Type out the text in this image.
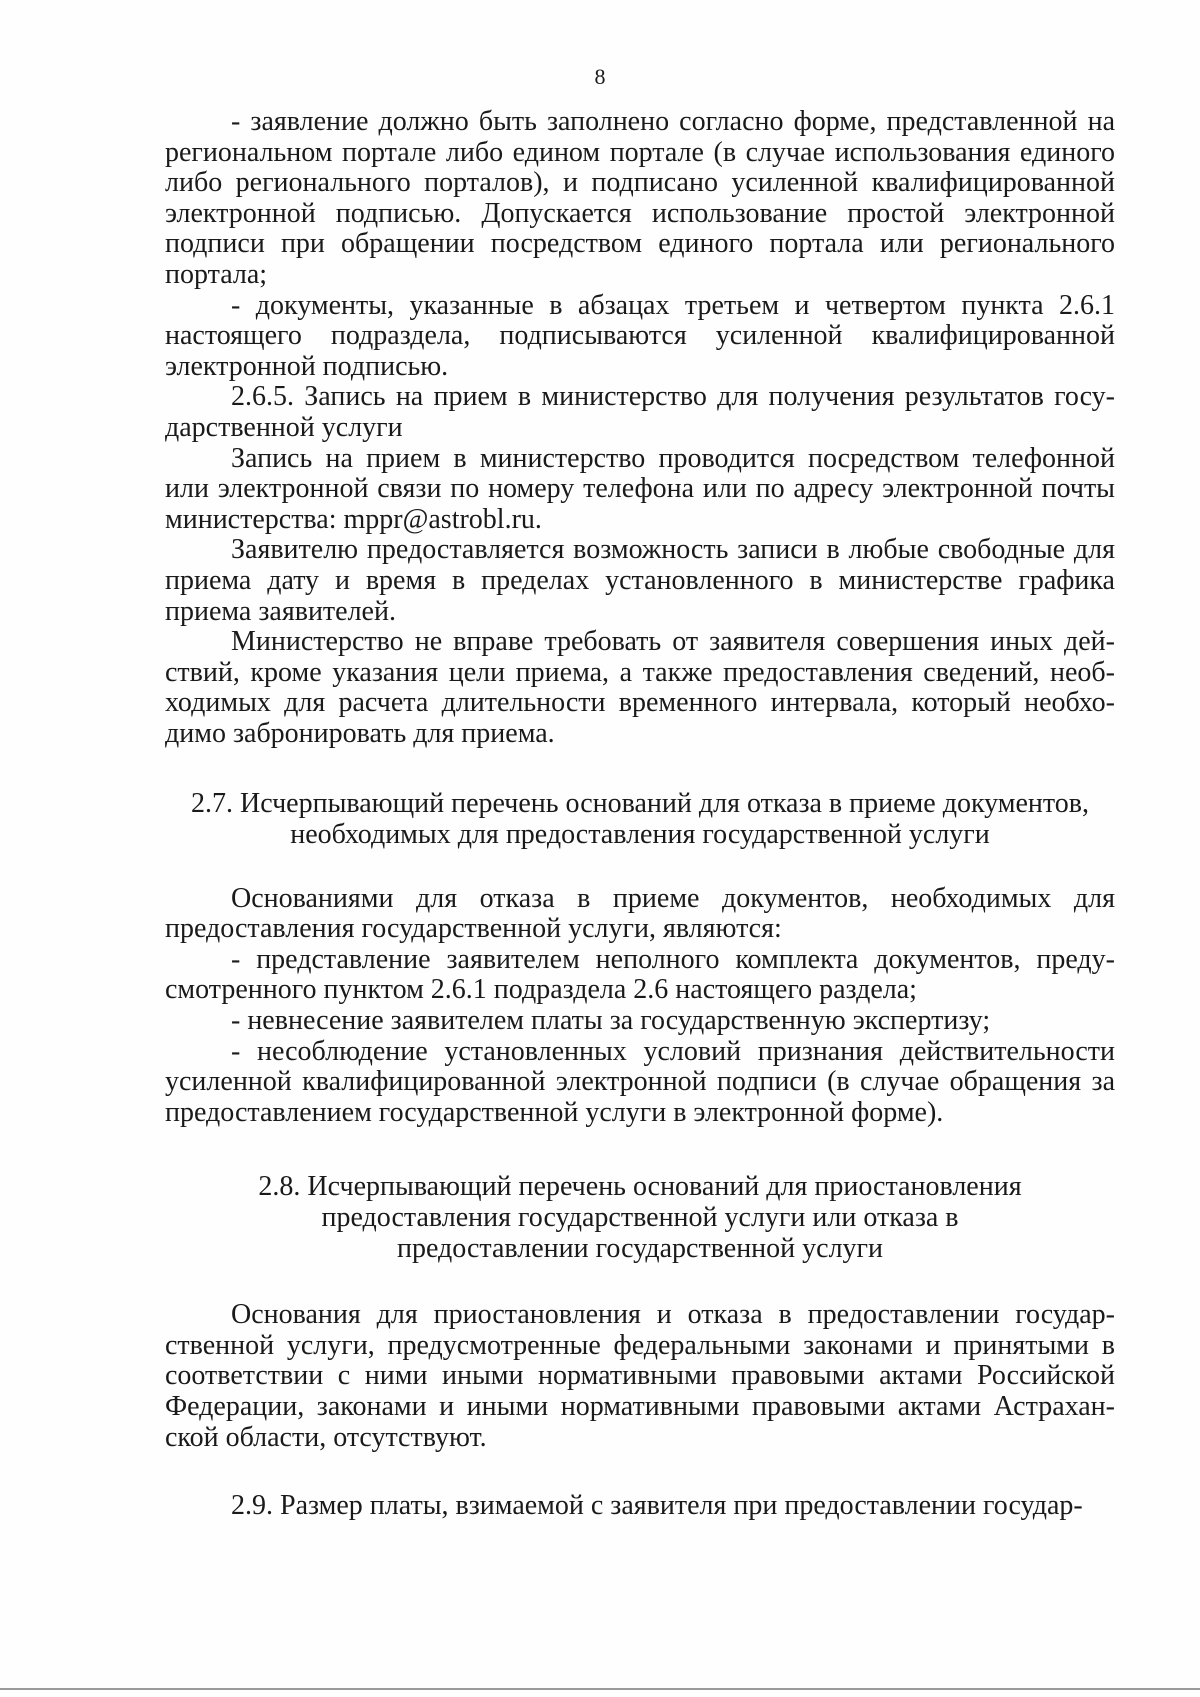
8

- заявление должно быть заполнено согласно форме, представленной на региональном портале либо едином портале (в случае использования единого либо регионального порталов), и подписано усиленной квалифицированной электронной подписью. Допускается использование простой электронной подписи при обращении посредством единого портала или регионального портала;

- документы, указанные в абзацах третьем и четвертом пункта 2.6.1 настоящего подраздела, подписываются усиленной квалифицированной электронной подписью.

2.6.5. Запись на прием в министерство для получения результатов государственной услуги

Запись на прием в министерство проводится посредством телефонной или электронной связи по номеру телефона или по адресу электронной почты министерства: mppr@astrobl.ru.

Заявителю предоставляется возможность записи в любые свободные для приема дату и время в пределах установленного в министерстве графика приема заявителей.

Министерство не вправе требовать от заявителя совершения иных действий, кроме указания цели приема, а также предоставления сведений, необходимых для расчета длительности временного интервала, который необходимо забронировать для приема.

2.7. Исчерпывающий перечень оснований для отказа в приеме документов, необходимых для предоставления государственной услуги

Основаниями для отказа в приеме документов, необходимых для предоставления государственной услуги, являются:

- представление заявителем неполного комплекта документов, предусмотренного пунктом 2.6.1 подраздела 2.6 настоящего раздела;

- невнесение заявителем платы за государственную экспертизу;

- несоблюдение установленных условий признания действительности усиленной квалифицированной электронной подписи (в случае обращения за предоставлением государственной услуги в электронной форме).

2.8. Исчерпывающий перечень оснований для приостановления предоставления государственной услуги или отказа в предоставлении государственной услуги

Основания для приостановления и отказа в предоставлении государственной услуги, предусмотренные федеральными законами и принятыми в соответствии с ними иными нормативными правовыми актами Российской Федерации, законами и иными нормативными правовыми актами Астраханской области, отсутствуют.

2.9. Размер платы, взимаемой с заявителя при предоставлении государ-
